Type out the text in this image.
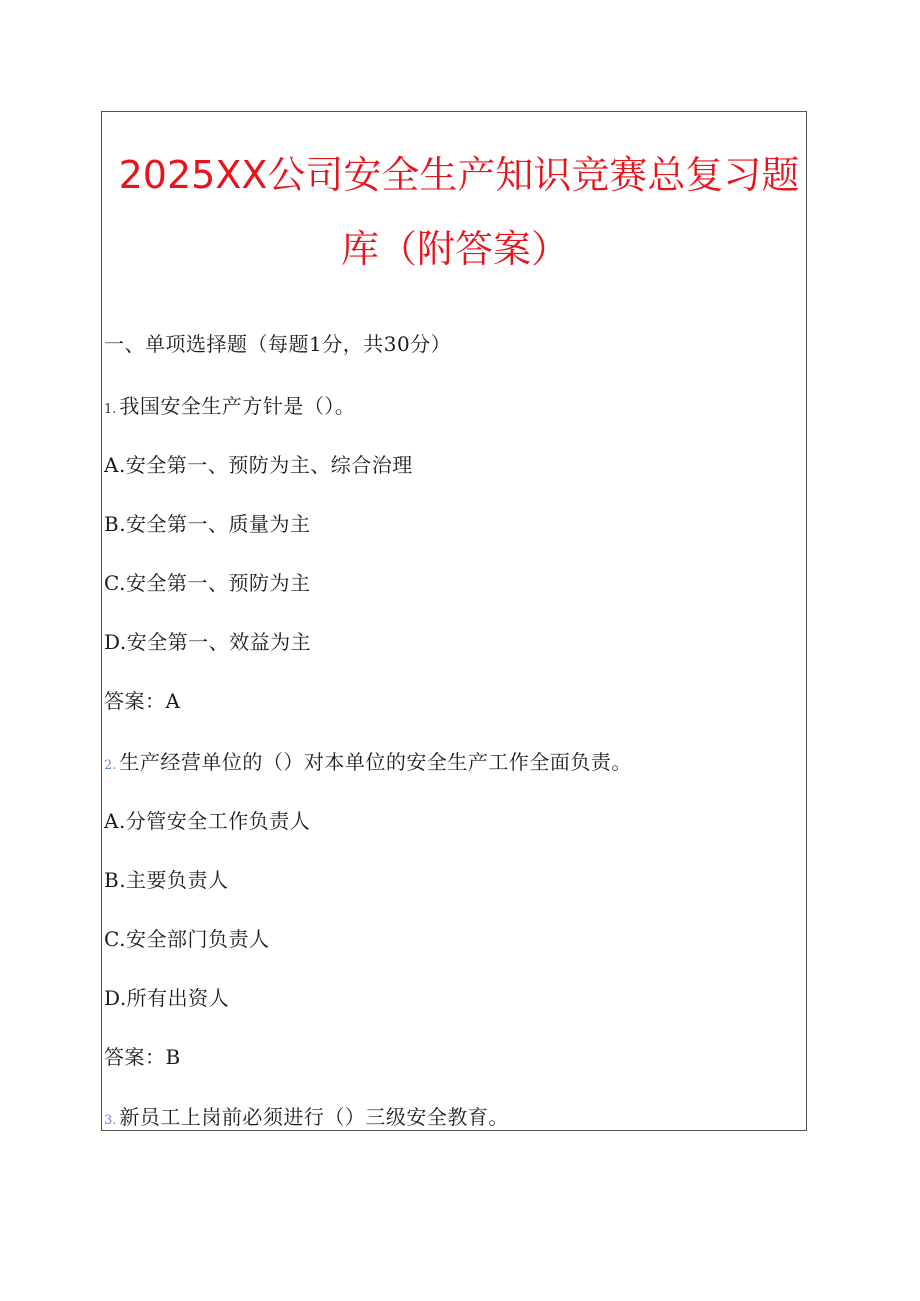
2025XX公司安全生产知识竞赛总复习题
库（附答案）
一、单项选择题（每题1分，共30分）
1. 我国安全生产方针是（）。
A.安全第一、预防为主、综合治理
B.安全第一、质量为主
C.安全第一、预防为主
D.安全第一、效益为主
答案：A
2. 生产经营单位的（）对本单位的安全生产工作全面负责。
A.分管安全工作负责人
B.主要负责人
C.安全部门负责人
D.所有出资人
答案：B
3. 新员工上岗前必须进行（）三级安全教育。
